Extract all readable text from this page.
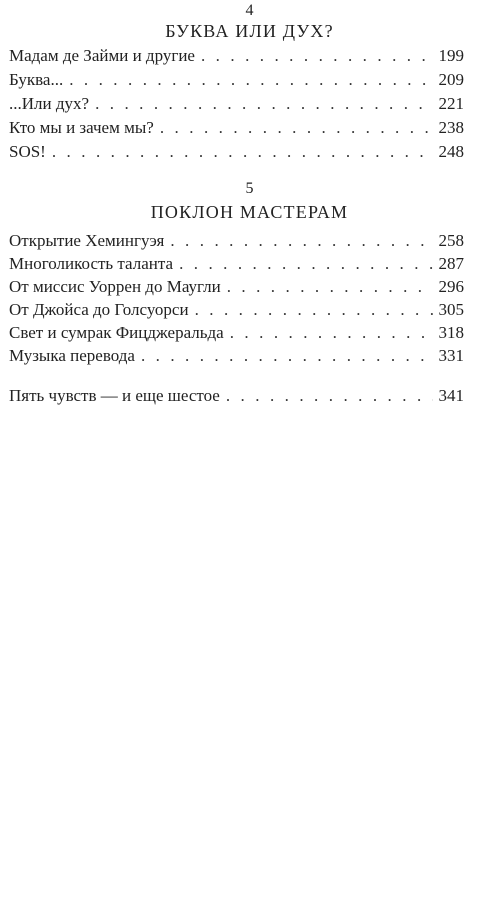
4
БУКВА ИЛИ ДУХ?
Мадам де Займи и другие . . .	199
Буква... . . .	209
...Или дух? . . .	221
Кто мы и зачем мы? . . .	238
SOS! . . .	248
5
ПОКЛОН МАСТЕРАМ
Открытие Хемингуэя . . .	258
Многоликость таланта . . .	287
От миссис Уоррен до Маугли . . .	296
От Джойса до Голсуорси . . .	305
Свет и сумрак Фицджеральда . . .	318
Музыка перевода . . .	331
Пять чувств — и еще шестое . . .	341
